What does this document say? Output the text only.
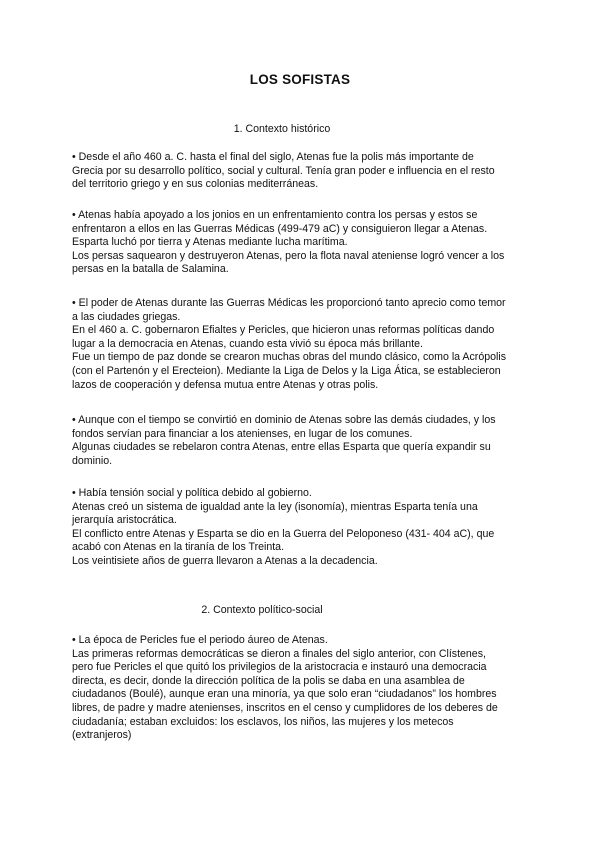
LOS SOFISTAS
1. Contexto histórico

• Desde el año 460 a. C. hasta el final del siglo, Atenas fue la polis más importante de

Grecia por su desarrollo político, social y cultural. Tenía gran poder e influencia en el resto

del territorio griego y en sus colonias mediterráneas.

• Atenas había apoyado a los jonios en un enfrentamiento contra los persas y estos se

enfrentaron a ellos en las Guerras Médicas (499-479 aC) y consiguieron llegar a Atenas.

Esparta luchó por tierra y Atenas mediante lucha marítima.

Los persas saquearon y destruyeron Atenas, pero la flota naval ateniense logró vencer a los

persas en la batalla de Salamina.

• El poder de Atenas durante las Guerras Médicas les proporcionó tanto aprecio como temor

a las ciudades griegas.

En el 460 a. C. gobernaron Efialtes y Pericles, que hicieron unas reformas políticas dando

lugar a la democracia en Atenas, cuando esta vivió su época más brillante.

Fue un tiempo de paz donde se crearon muchas obras del mundo clásico, como la Acrópolis

(con el Partenón y el Erecteion). Mediante la Liga de Delos y la Liga Ática, se establecieron

lazos de cooperación y defensa mutua entre Atenas y otras polis.

• Aunque con el tiempo se convirtió en dominio de Atenas sobre las demás ciudades, y los

fondos servían para financiar a los atenienses, en lugar de los comunes.

Algunas ciudades se rebelaron contra Atenas, entre ellas Esparta que quería expandir su

dominio.

• Había tensión social y política debido al gobierno.

Atenas creó un sistema de igualdad ante la ley (isonomía), mientras Esparta tenía una

jerarquía aristocrática.

El conflicto entre Atenas y Esparta se dio en la Guerra del Peloponeso (431- 404 aC), que

acabó con Atenas en la tiranía de los Treinta.

Los veintisiete años de guerra llevaron a Atenas a la decadencia.

2. Contexto político-social

• La época de Pericles fue el periodo áureo de Atenas.

Las primeras reformas democráticas se dieron a finales del siglo anterior, con Clístenes,

pero fue Pericles el que quitó los privilegios de la aristocracia e instauró una democracia

directa, es decir, donde la dirección política de la polis se daba en una asamblea de

ciudadanos (Boulé), aunque eran una minoría, ya que solo eran “ciudadanos” los hombres

libres, de padre y madre atenienses, inscritos en el censo y cumplidores de los deberes de

ciudadanía; estaban excluidos: los esclavos, los niños, las mujeres y los metecos

(extranjeros)
